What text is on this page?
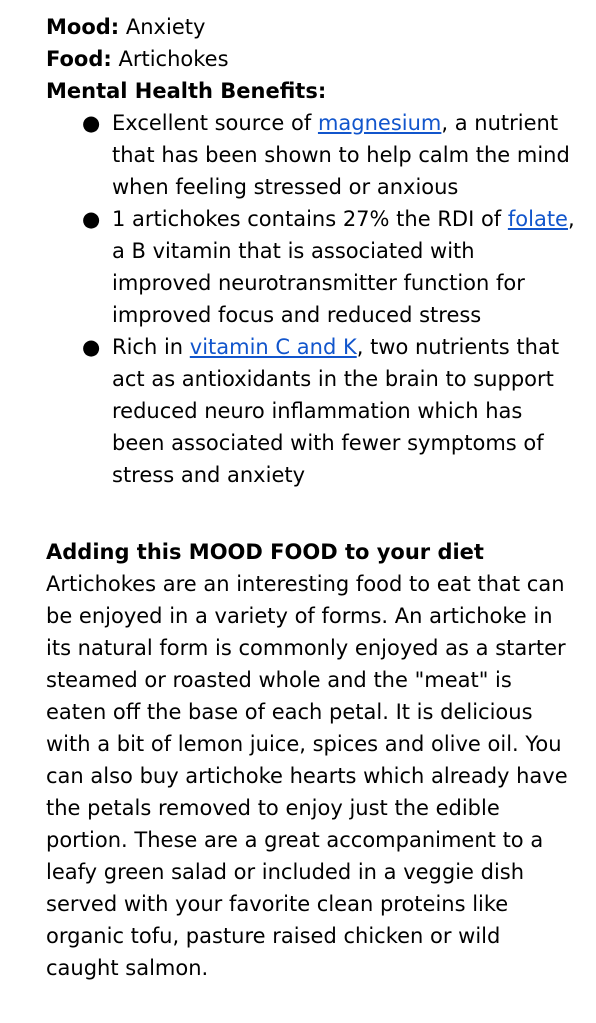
Mood: Anxiety

Food: Artichokes

Mental Health Benefits:

● Excellent source of magnesium, a nutrient that has been shown to help calm the mind when feeling stressed or anxious
● 1 artichokes contains 27% the RDI of folate, a B vitamin that is associated with improved neurotransmitter function for improved focus and reduced stress
● Rich in vitamin C and K, two nutrients that act as antioxidants in the brain to support reduced neuro inflammation which has been associated with fewer symptoms of stress and anxiety

Adding this MOOD FOOD to your diet

Artichokes are an interesting food to eat that can be enjoyed in a variety of forms. An artichoke in its natural form is commonly enjoyed as a starter steamed or roasted whole and the "meat" is eaten off the base of each petal. It is delicious with a bit of lemon juice, spices and olive oil. You can also buy artichoke hearts which already have the petals removed to enjoy just the edible portion. These are a great accompaniment to a leafy green salad or included in a veggie dish served with your favorite clean proteins like organic tofu, pasture raised chicken or wild caught salmon.
